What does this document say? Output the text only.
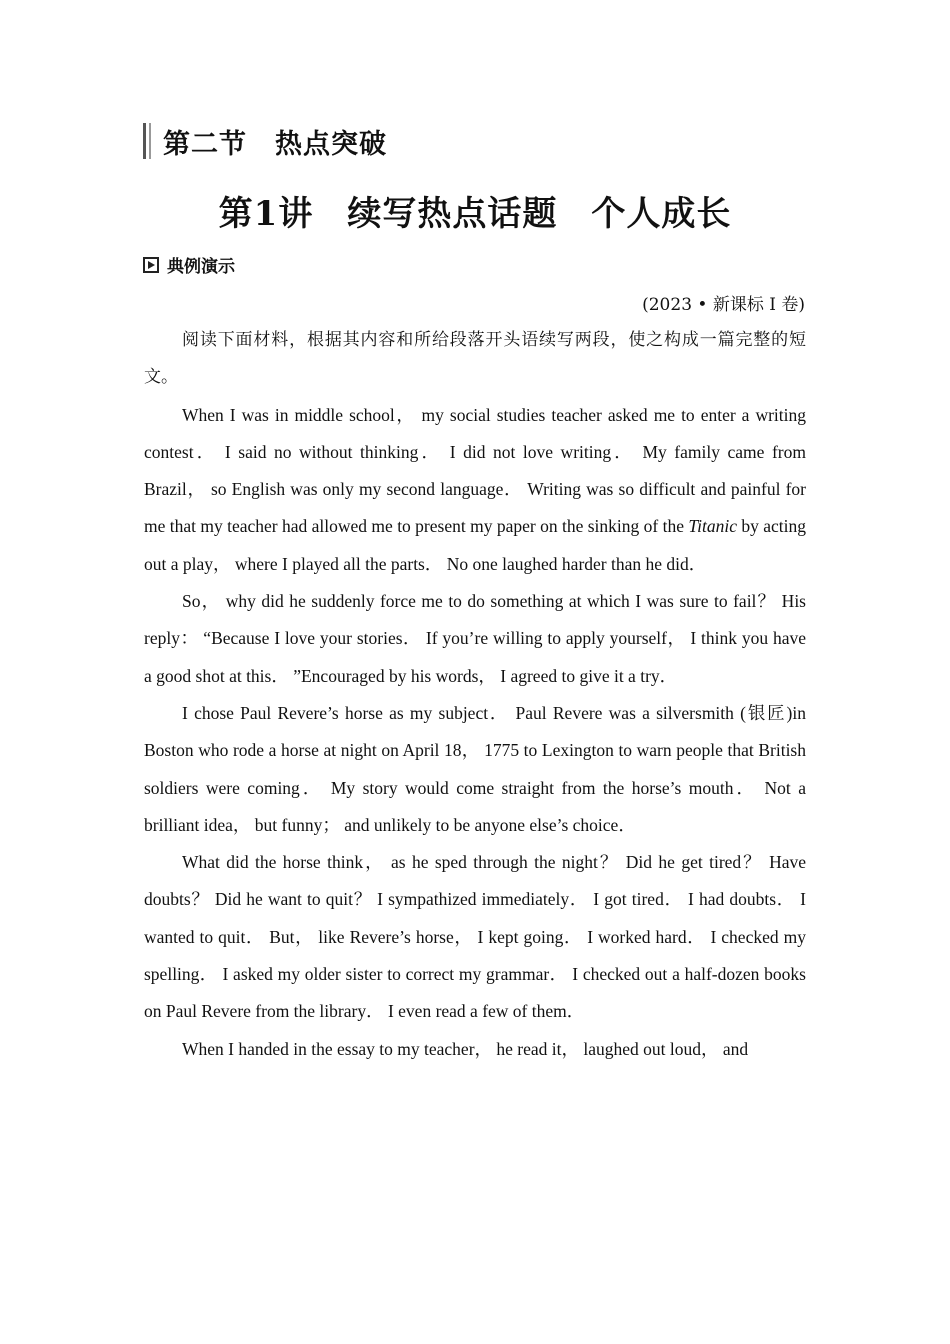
第二节 热点突破
第1讲 续写热点话题 个人成长
典例演示
(2023 • 新课标 Ⅰ 卷)

阅读下面材料，根据其内容和所给段落开头语续写两段，使之构成一篇完整的短文。

When I was in middle school， my social studies teacher asked me to enter a writing contest． I said no without thinking． I did not love writing． My family came from Brazil， so English was only my second language． Writing was so difficult and painful for me that my teacher had allowed me to present my paper on the sinking of the Titanic by acting out a play， where I played all the parts． No one laughed harder than he did．

So， why did he suddenly force me to do something at which I was sure to fail？ His reply： “Because I love your stories． If you’re willing to apply yourself， I think you have a good shot at this． ”Encouraged by his words， I agreed to give it a try．

I chose Paul Revere’s horse as my subject． Paul Revere was a silversmith (银匠)in Boston who rode a horse at night on April 18， 1775 to Lexington to warn people that British soldiers were coming． My story would come straight from the horse’s mouth． Not a brilliant idea， but funny； and unlikely to be anyone else’s choice．

What did the horse think， as he sped through the night？ Did he get tired？ Have doubts？ Did he want to quit？ I sympathized immediately． I got tired． I had doubts． I wanted to quit． But， like Revere’s horse， I kept going． I worked hard． I checked my spelling． I asked my older sister to correct my grammar． I checked out a half-dozen books on Paul Revere from the library． I even read a few of them．

When I handed in the essay to my teacher， he read it， laughed out loud， and
